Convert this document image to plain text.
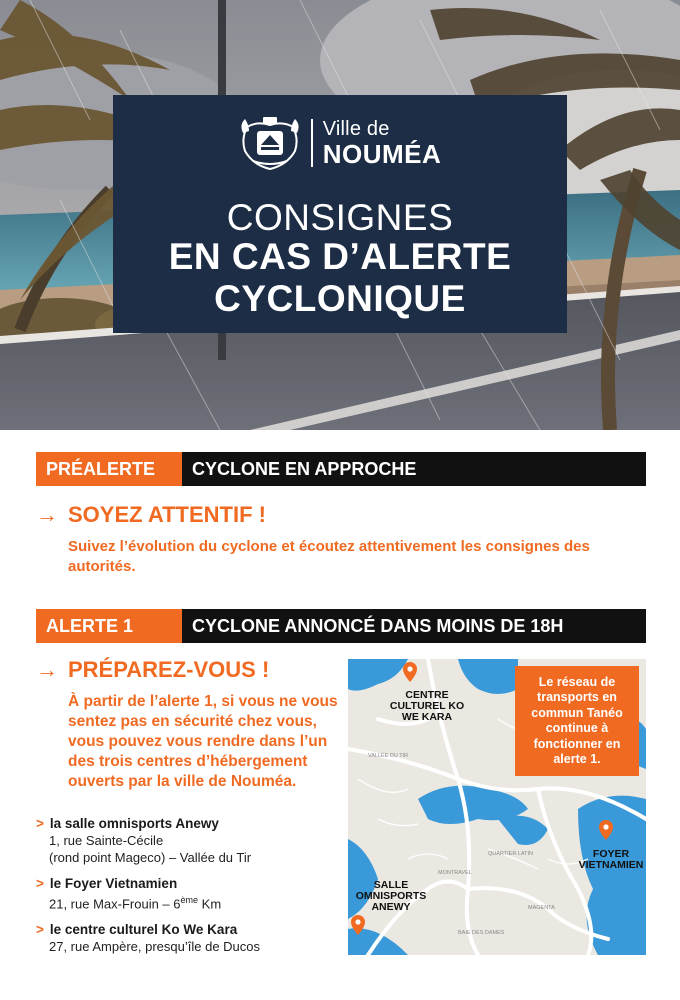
Ville de
NOUMÉA
CONSIGNES
EN CAS D’ALERTE
CYCLONIQUE
PRÉALERTE	CYCLONE EN APPROCHE
→ SOYEZ ATTENTIF !
Suivez l’évolution du cyclone et écoutez attentivement les consignes des autorités.
ALERTE 1	CYCLONE ANNONCÉ DANS MOINS DE 18H
→ PRÉPAREZ-VOUS !
À partir de l’alerte 1, si vous ne vous sentez pas en sécurité chez vous, vous pouvez vous rendre dans l’un des trois centres d’hébergement ouverts par la ville de Nouméa.
> la salle omnisports Anewy
1, rue Sainte-Cécile
(rond point Mageco) – Vallée du Tir
> le Foyer Vietnamien
21, rue Max-Frouin – 6ème Km
> le centre culturel Ko We Kara
27, rue Ampère, presqu’île de Ducos
VALLÉE DU TIR
QUARTIER LATIN
MONTRAVEL
MAGENTA
BAIE DES DAMES
CENTRE CULTUREL KO WE KARA
SALLE OMNISPORTS ANEWY
FOYER VIETNAMIEN
Le réseau de transports en commun Tanéo continue à fonctionner en alerte 1.
